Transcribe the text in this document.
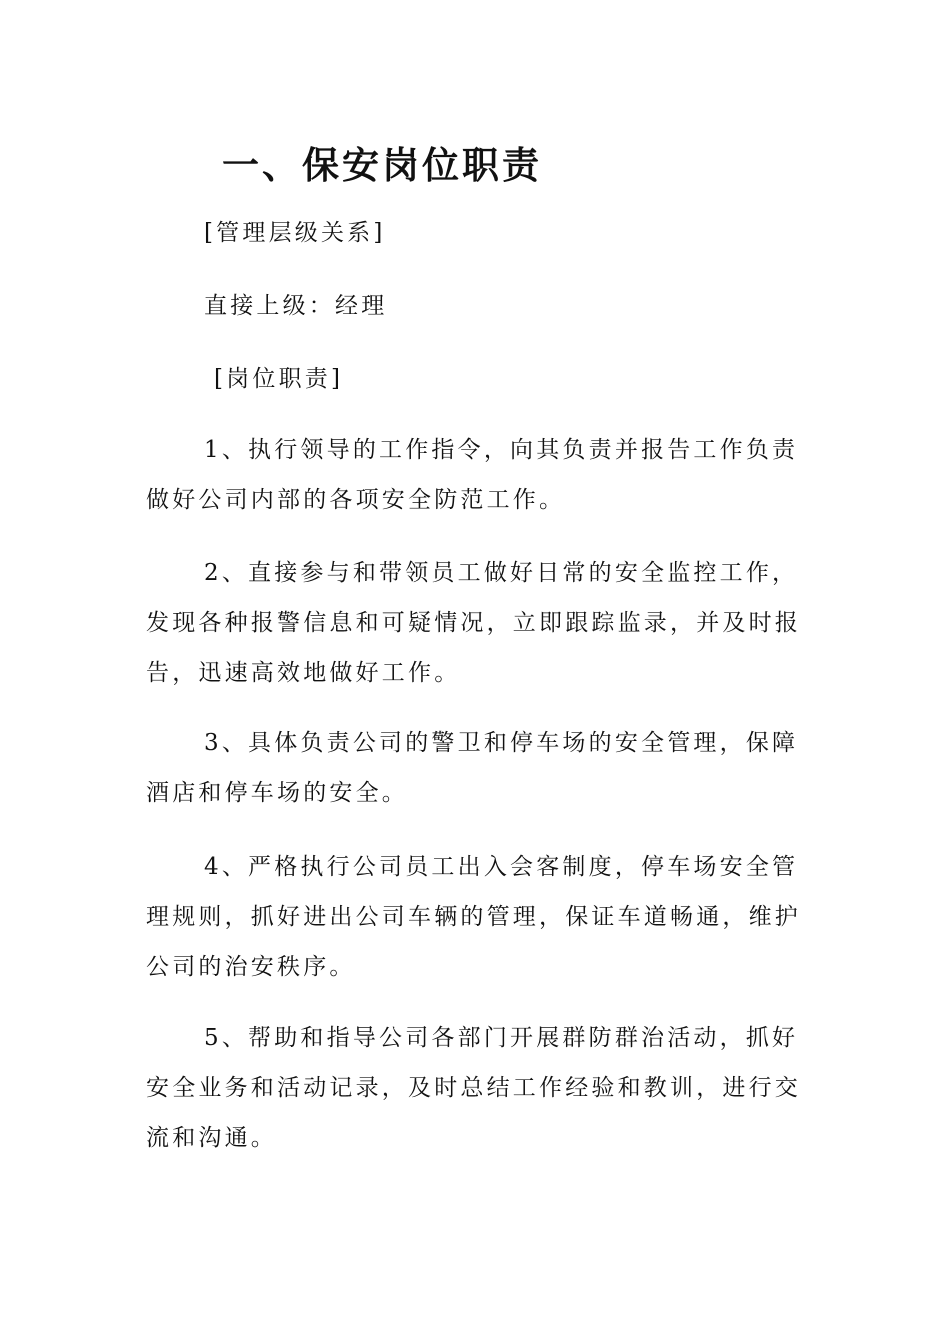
一、保安岗位职责

[管理层级关系]

直接上级：经理

[岗位职责]

1、执行领导的工作指令，向其负责并报告工作负责做好公司内部的各项安全防范工作。

2、直接参与和带领员工做好日常的安全监控工作，发现各种报警信息和可疑情况，立即跟踪监录，并及时报告，迅速高效地做好工作。

3、具体负责公司的警卫和停车场的安全管理，保障酒店和停车场的安全。

4、严格执行公司员工出入会客制度，停车场安全管理规则，抓好进出公司车辆的管理，保证车道畅通，维护公司的治安秩序。

5、帮助和指导公司各部门开展群防群治活动，抓好安全业务和活动记录，及时总结工作经验和教训，进行交流和沟通。
